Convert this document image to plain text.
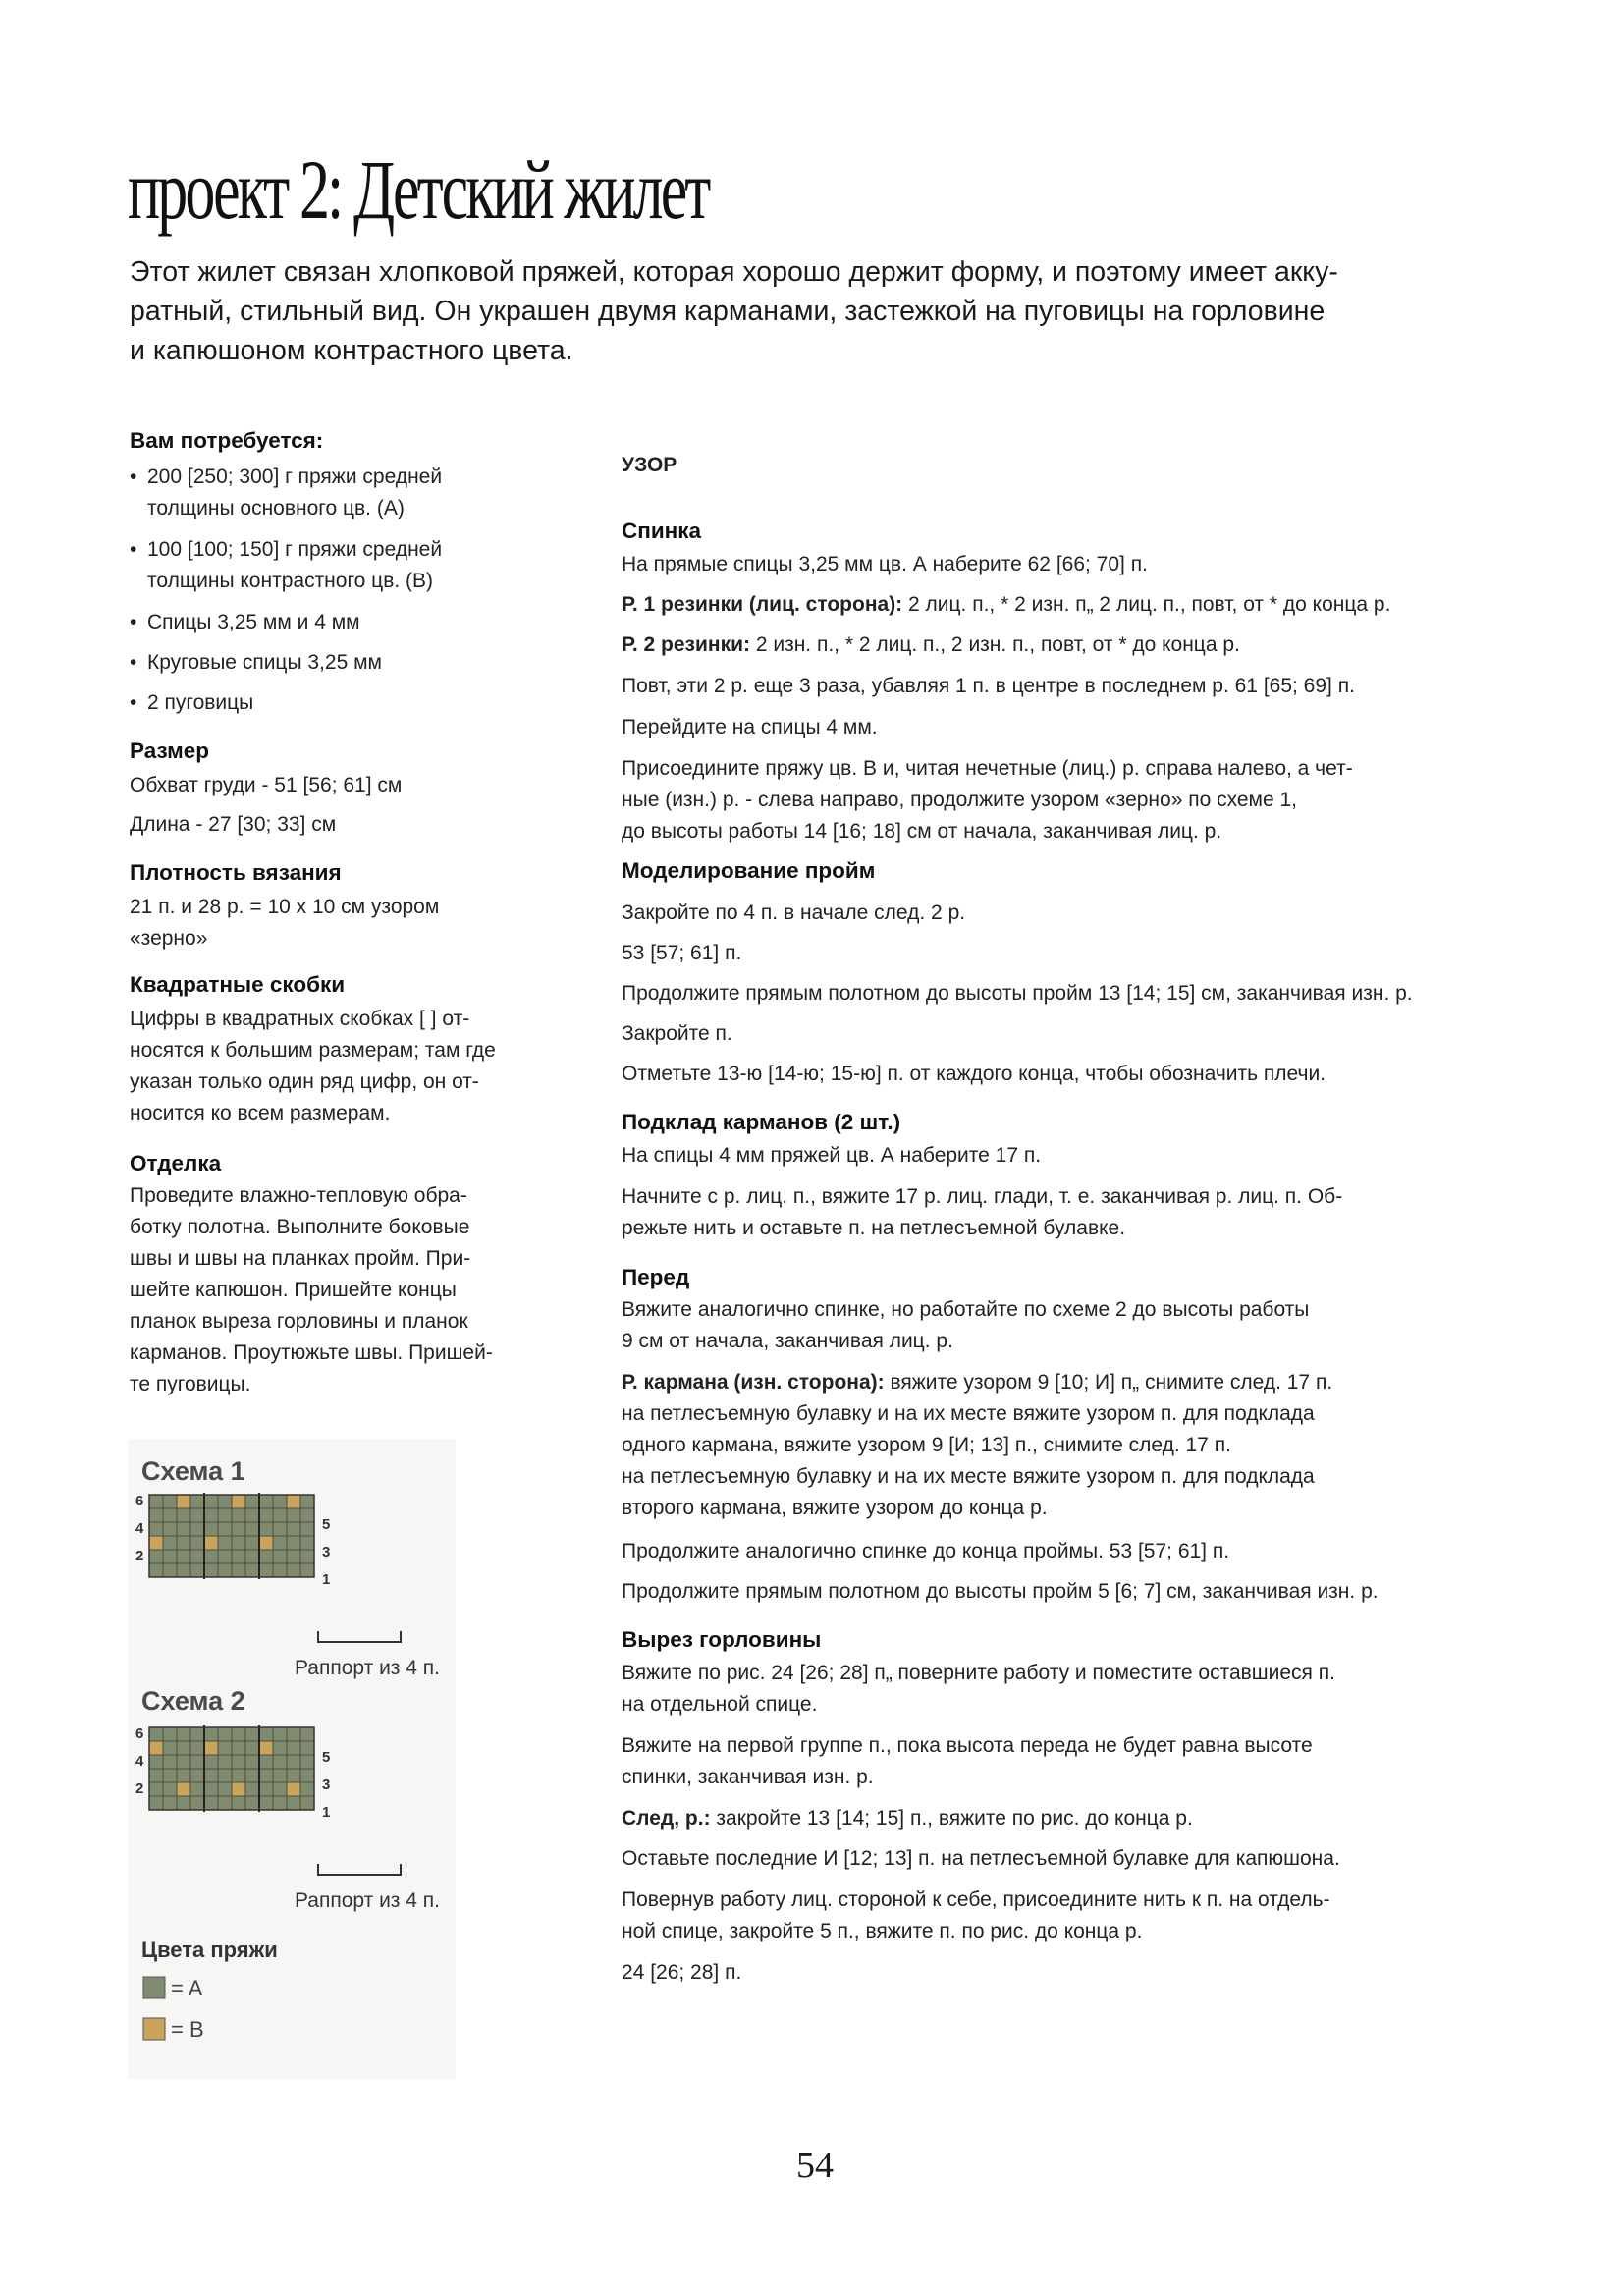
проект 2: Детский жилет
Этот жилет связан хлопковой пряжей, которая хорошо держит форму, и поэтому имеет акку-
ратный, стильный вид. Он украшен двумя карманами, застежкой на пуговицы на горловине
и капюшоном контрастного цвета.
Вам потребуется:
• 200 [250; 300] г пряжи средней
толщины основного цв. (A)
• 100 [100; 150] г пряжи средней
толщины контрастного цв. (B)
• Спицы 3,25 мм и 4 мм
• Круговые спицы 3,25 мм
• 2 пуговицы
Размер
Обхват груди - 51 [56; 61] см
Длина - 27 [30; 33] см
Плотность вязания
21 п. и 28 р. = 10 х 10 см узором
«зерно»
Квадратные скобки
Цифры в квадратных скобках [ ] от-
носятся к большим размерам; там где
указан только один ряд цифр, он от-
носится ко всем размерам.
Отделка
Проведите влажно-тепловую обра-
ботку полотна. Выполните боковые
швы и швы на планках пройм. При-
шейте капюшон. Пришейте концы
планок выреза горловины и планок
карманов. Проутюжьте швы. Пришей-
те пуговицы.
Схема 1
6
4
2
5
3
1
Раппорт из 4 п.
Схема 2
6
4
2
5
3
1
Раппорт из 4 п.
Цвета пряжи
= A
= B
УЗОР
Спинка
На прямые спицы 3,25 мм цв. А наберите 62 [66; 70] п.
Р. 1 резинки (лиц. сторона): 2 лиц. п., * 2 изн. п„ 2 лиц. п., повт, от * до конца р.
Р. 2 резинки: 2 изн. п., * 2 лиц. п., 2 изн. п., повт, от * до конца р.
Повт, эти 2 р. еще 3 раза, убавляя 1 п. в центре в последнем р. 61 [65; 69] п.
Перейдите на спицы 4 мм.
Присоедините пряжу цв. В и, читая нечетные (лиц.) р. справа налево, а чет-
ные (изн.) р. - слева направо, продолжите узором «зерно» по схеме 1,
до высоты работы 14 [16; 18] см от начала, заканчивая лиц. р.
Моделирование пройм
Закройте по 4 п. в начале след. 2 р.
53 [57; 61] п.
Продолжите прямым полотном до высоты пройм 13 [14; 15] см, заканчивая изн. р.
Закройте п.
Отметьте 13-ю [14-ю; 15-ю] п. от каждого конца, чтобы обозначить плечи.
Подклад карманов (2 шт.)
На спицы 4 мм пряжей цв. А наберите 17 п.
Начните с р. лиц. п., вяжите 17 р. лиц. глади, т. е. заканчивая р. лиц. п. Об-
режьте нить и оставьте п. на петлесъемной булавке.
Перед
Вяжите аналогично спинке, но работайте по схеме 2 до высоты работы
9 см от начала, заканчивая лиц. р.
Р. кармана (изн. сторона): вяжите узором 9 [10; И] п„ снимите след. 17 п.
на петлесъемную булавку и на их месте вяжите узором п. для подклада
одного кармана, вяжите узором 9 [И; 13] п., снимите след. 17 п.
на петлесъемную булавку и на их месте вяжите узором п. для подклада
второго кармана, вяжите узором до конца р.
Продолжите аналогично спинке до конца проймы. 53 [57; 61] п.
Продолжите прямым полотном до высоты пройм 5 [6; 7] см, заканчивая изн. р.
Вырез горловины
Вяжите по рис. 24 [26; 28] п„ поверните работу и поместите оставшиеся п.
на отдельной спице.
Вяжите на первой группе п., пока высота переда не будет равна высоте
спинки, заканчивая изн. р.
След, р.: закройте 13 [14; 15] п., вяжите по рис. до конца р.
Оставьте последние И [12; 13] п. на петлесъемной булавке для капюшона.
Повернув работу лиц. стороной к себе, присоедините нить к п. на отдель-
ной спице, закройте 5 п., вяжите п. по рис. до конца р.
24 [26; 28] п.
54
